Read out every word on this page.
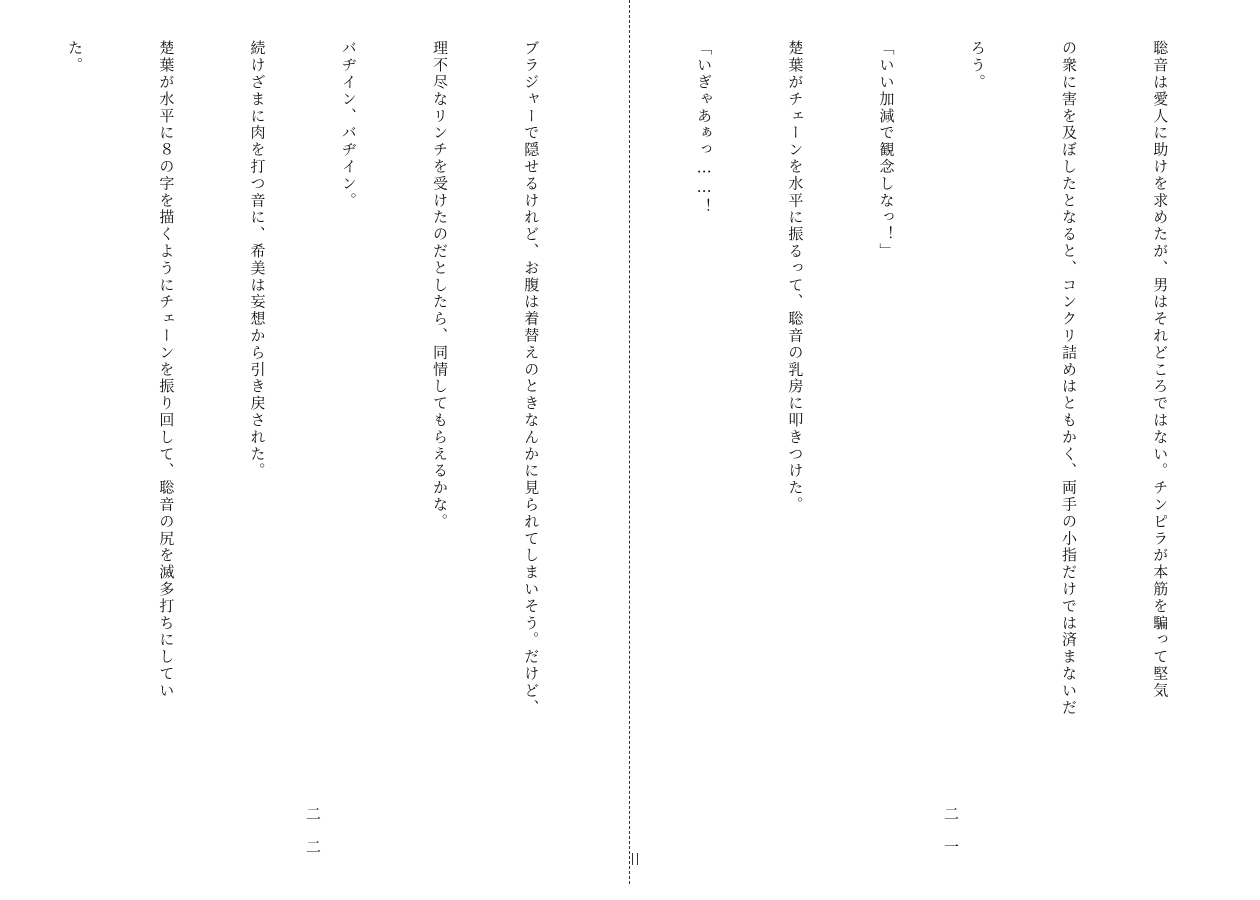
聡音は愛人に助けを求めたが、男はそれどころではない。チンピラが本筋を騙って堅気

の衆に害を及ぼしたとなると、コンクリ詰めはともかく、両手の小指だけでは済まないだ

ろう。

「いい加減で観念しなっ！」

楚葉がチェーンを水平に振るって、聡音の乳房に叩きつけた。

「いぎゃあぁっ……！

二一

ブラジャーで隠せるけれど、お腹は着替えのときなんかに見られてしまいそう。だけど、

理不尽なリンチを受けたのだとしたら、同情してもらえるかな。

バヂイン、バヂイン。

続けざまに肉を打つ音に、希美は妄想から引き戻された。

楚葉が水平に８の字を描くようにチェーンを振り回して、聡音の尻を滅多打ちにしてい

た。

二二
